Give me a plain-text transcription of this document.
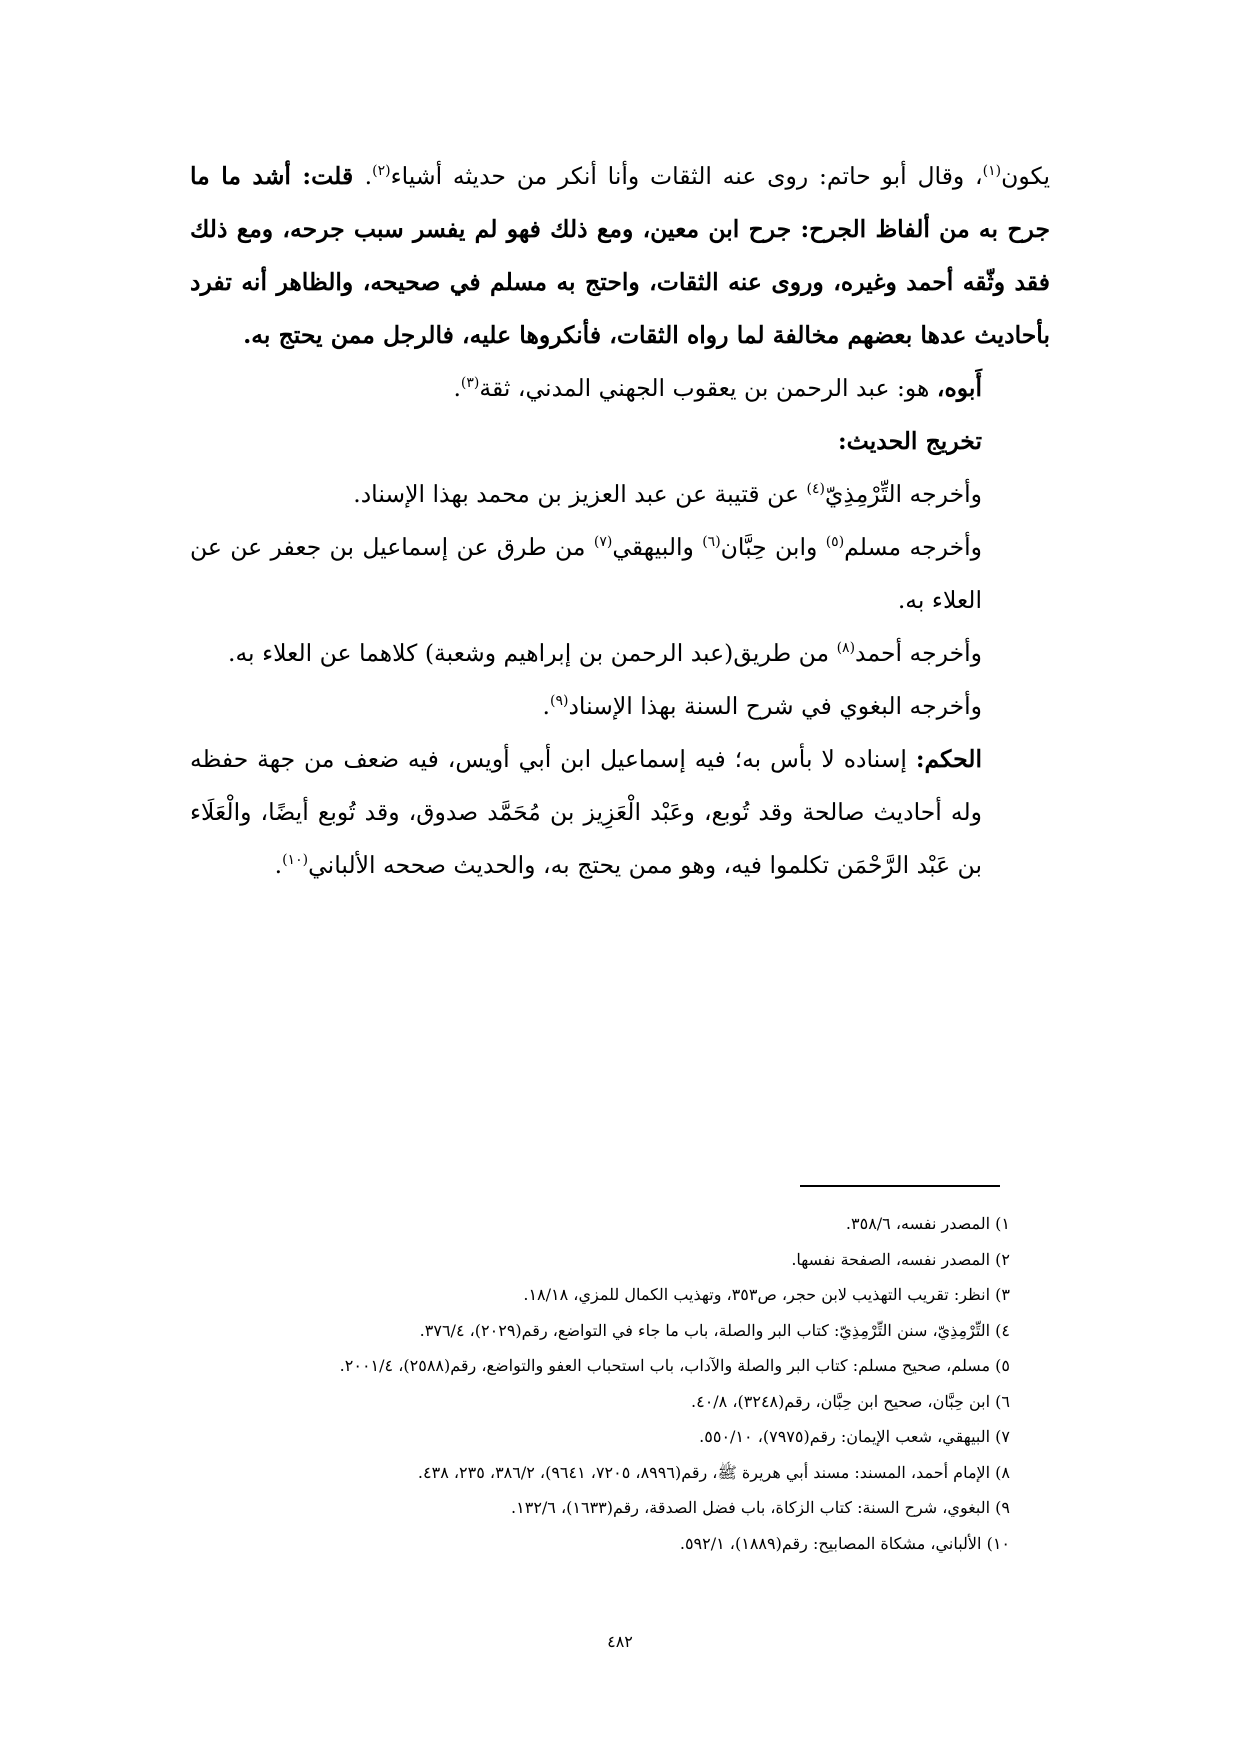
يكون$^{(١)}$، وقال أبو حاتم: روى عنه الثقات وأنا أنكر من حديثه أشياء$^{(٢)}$. قلت: أشد ما ما جرح به من ألفاظ الجرح: جرح ابن معين، ومع ذلك فهو لم يفسر سبب جرحه، ومع ذلك فقد وثّقه أحمد وغيره، وروى عنه الثقات، واحتج به مسلم في صحيحه، والظاهر أنه تفرد بأحاديث عدها بعضهم مخالفة لما رواه الثقات، فأنكروها عليه، فالرجل ممن يحتج به.

أَبوه، هو: عبد الرحمن بن يعقوب الجهني المدني، ثقة$^{(٣)}$.

تخريج الحديث:

وأخرجه التِّرْمِذِيّ$^{(٤)}$ عن قتيبة عن عبد العزيز بن محمد بهذا الإسناد.

وأخرجه مسلم$^{(٥)}$ وابن حِبَّان$^{(٦)}$ والبيهقي$^{(٧)}$ من طرق عن إسماعيل بن جعفر عن عن العلاء به.

وأخرجه أحمد$^{(٨)}$ من طريق(عبد الرحمن بن إبراهيم وشعبة) كلاهما عن العلاء به.

وأخرجه البغوي في شرح السنة بهذا الإسناد$^{(٩)}$.

الحكم: إسناده لا بأس به؛ فيه إسماعيل ابن أبي أويس، فيه ضعف من جهة حفظه وله أحاديث صالحة وقد تُوبع، وعَبْد الْعَزِيز بن مُحَمَّد صدوق، وقد تُوبع أيضًا، والْعَلَاء بن عَبْد الرَّحْمَن تكلموا فيه، وهو ممن يحتج به، والحديث صححه الألباني$^{(١٠)}$.

١) المصدر نفسه، ٣٥٨/٦.
٢) المصدر نفسه، الصفحة نفسها.
٣) انظر: تقريب التهذيب لابن حجر، ص٣٥٣، وتهذيب الكمال للمزي، ١٨/١٨.
٤) التِّرْمِذِيّ، سنن التِّرْمِذِيّ: كتاب البر والصلة، باب ما جاء في التواضع، رقم(٢٠٢٩)، ٣٧٦/٤.
٥) مسلم، صحيح مسلم: كتاب البر والصلة والآداب، باب استحباب العفو والتواضع، رقم(٢٥٨٨)، ٢٠٠١/٤.
٦) ابن حِبَّان، صحيح ابن حِبَّان، رقم(٣٢٤٨)، ٤٠/٨.
٧) البيهقي، شعب الإيمان: رقم(٧٩٧٥)، ٥٥٠/١٠.
٨) الإمام أحمد، المسند: مسند أبي هريرة ﷺ، رقم(٨٩٩٦، ٧٢٠٥، ٩٦٤١)، ٣٨٦/٢، ٢٣٥، ٤٣٨.
٩) البغوي، شرح السنة: كتاب الزكاة، باب فضل الصدقة، رقم(١٦٣٣)، ١٣٢/٦.
١٠) الألباني، مشكاة المصابيح: رقم(١٨٨٩)، ٥٩٢/١.
٤٨٢
